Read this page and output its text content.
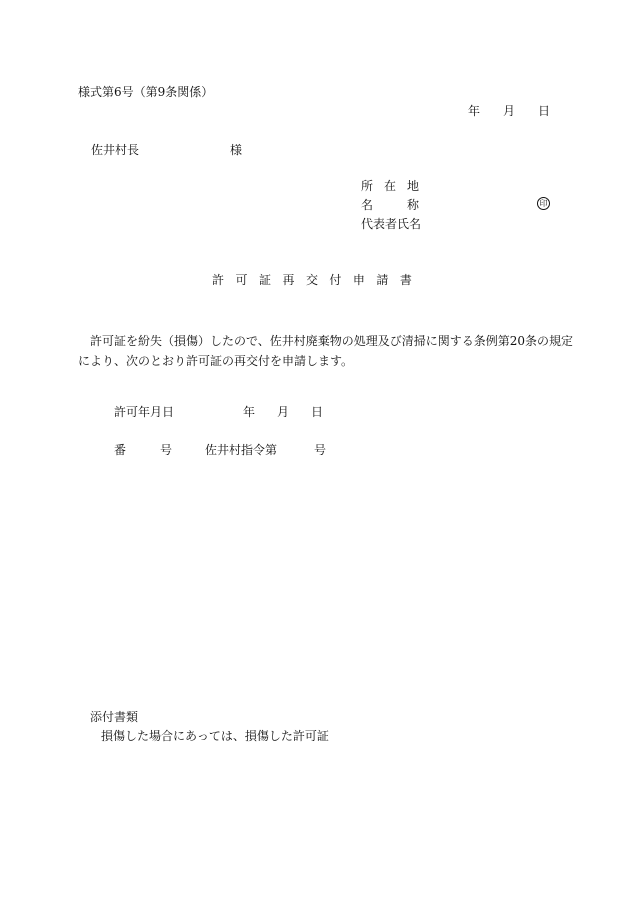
様式第6号（第9条関係）
年 月 日
佐井村長	様
所 在 地
名	称	印
代表者氏名
許 可 証 再 交 付 申 請 書

許可証を紛失（損傷）したので、佐井村廃棄物の処理及び清掃に関する条例第20条の規定

により、次のとおり許可証の再交付を申請します。

許可年月日	年 月 日
番	号	佐井村指令第	号
添付書類
損傷した場合にあっては、損傷した許可証
